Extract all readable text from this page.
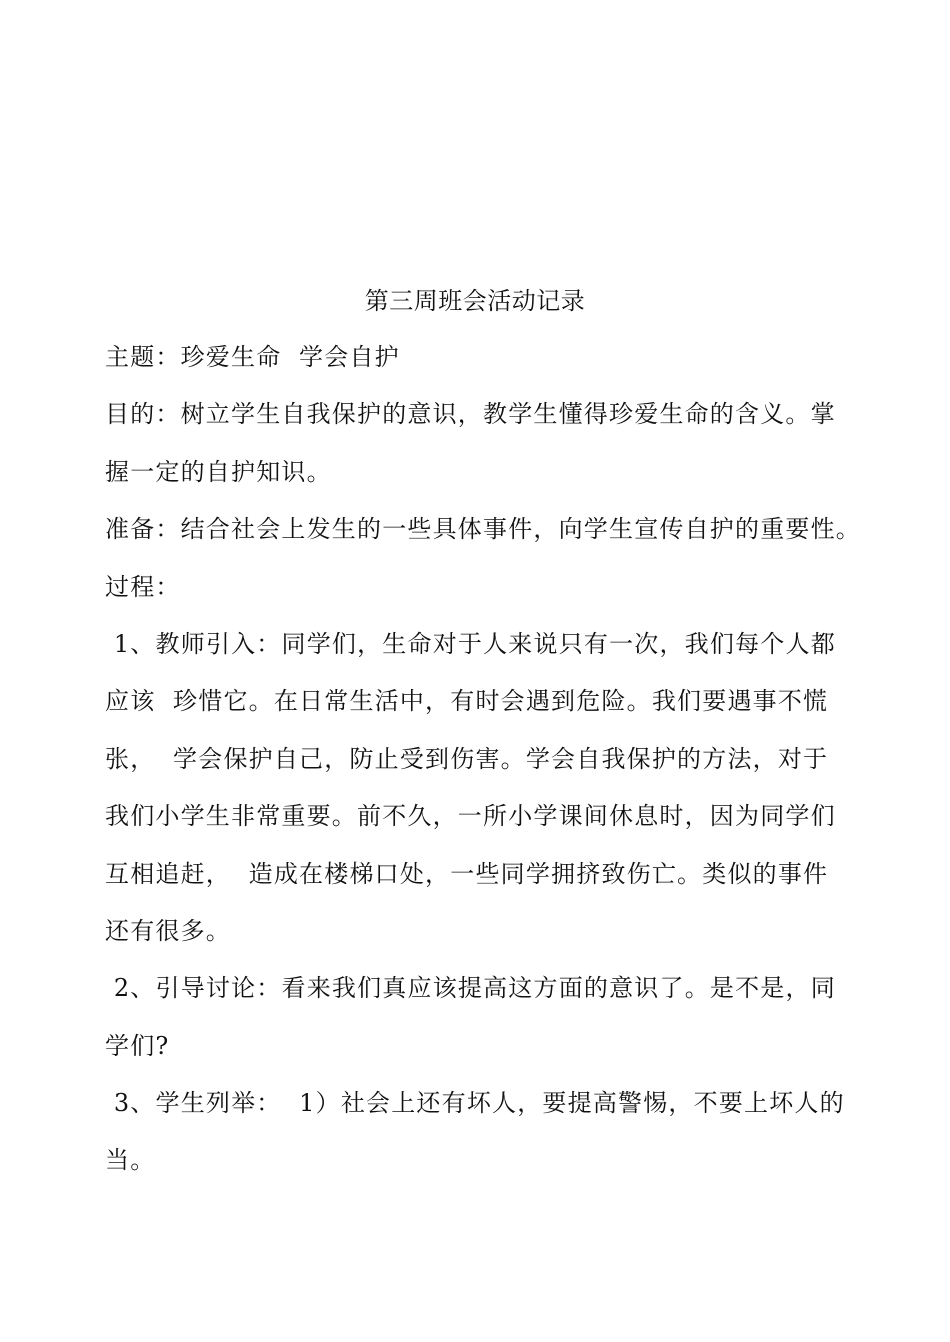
第三周班会活动记录
主题：珍爱生命  学会自护
目的：树立学生自我保护的意识，教学生懂得珍爱生命的含义。掌
握一定的自护知识。
准备：结合社会上发生的一些具体事件，向学生宣传自护的重要性。
过程：
1、教师引入：同学们，生命对于人来说只有一次，我们每个人都
应该  珍惜它。在日常生活中，有时会遇到危险。我们要遇事不慌
张，  学会保护自己，防止受到伤害。学会自我保护的方法，对于
我们小学生非常重要。前不久，一所小学课间休息时，因为同学们
互相追赶，  造成在楼梯口处，一些同学拥挤致伤亡。类似的事件
还有很多。
2、引导讨论：看来我们真应该提高这方面的意识了。是不是，同
学们?
3、学生列举：  1）社会上还有坏人，要提高警惕，不要上坏人的
当。
